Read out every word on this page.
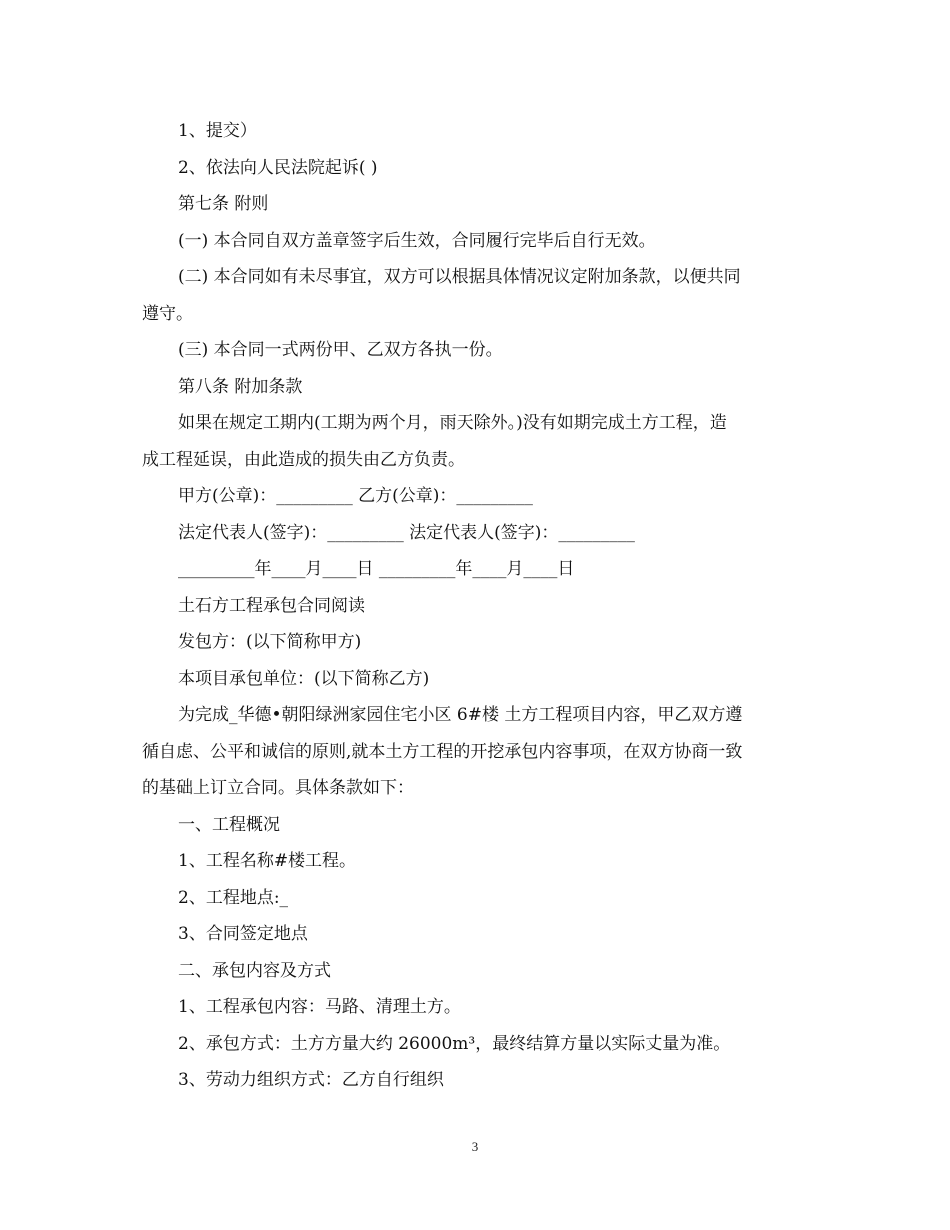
1、提交）
2、依法向人民法院起诉( )
第七条 附则
(一) 本合同自双方盖章签字后生效，合同履行完毕后自行无效。
(二) 本合同如有未尽事宜，双方可以根据具体情况议定附加条款，以便共同
遵守。
(三) 本合同一式两份甲、乙双方各执一份。
第八条 附加条款
如果在规定工期内(工期为两个月，雨天除外。)没有如期完成土方工程，造
成工程延误，由此造成的损失由乙方负责。
甲方(公章)：_________ 乙方(公章)：_________
法定代表人(签字)：_________ 法定代表人(签字)：_________
_________年____月____日 _________年____月____日
土石方工程承包合同阅读
发包方：(以下简称甲方)
本项目承包单位：(以下简称乙方)
为完成_华德•朝阳绿洲家园住宅小区 6#楼 土方工程项目内容，甲乙双方遵
循自虑、公平和诚信的原则,就本土方工程的开挖承包内容事项，在双方协商一致
的基础上订立合同。具体条款如下：
一、工程概况
1、工程名称#楼工程。
2、工程地点:_
3、合同签定地点
二、承包内容及方式
1、工程承包内容：马路、清理土方。
2、承包方式：土方方量大约 26000m³，最终结算方量以实际丈量为准。
3、劳动力组织方式：乙方自行组织
3
